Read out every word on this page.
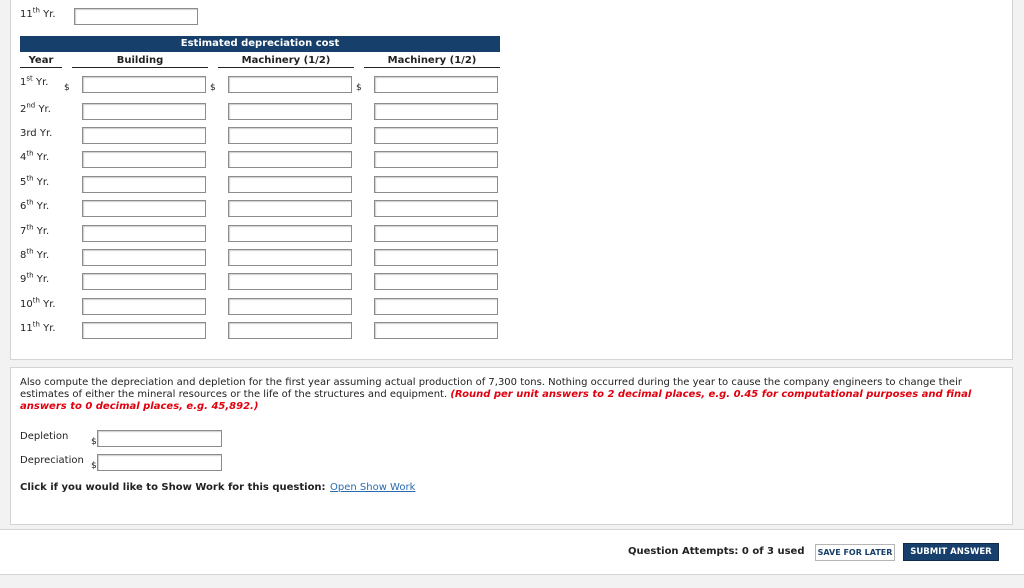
11th Yr.
Estimated depreciation cost
Year	Building	Machinery (1/2)	Machinery (1/2)
1st Yr. $	$	$
2nd Yr.
3rd Yr.
4th Yr.
5th Yr.
6th Yr.
7th Yr.
8th Yr.
9th Yr.
10th Yr.
11th Yr.
Also compute the depreciation and depletion for the first year assuming actual production of 7,300 tons. Nothing occurred during the year to cause the company engineers to change their estimates of either the mineral resources or the life of the structures and equipment. (Round per unit answers to 2 decimal places, e.g. 0.45 for computational purposes and final answers to 0 decimal places, e.g. 45,892.)
Depletion	$
Depreciation $
Click if you would like to Show Work for this question: Open Show Work
Question Attempts: 0 of 3 used	SAVE FOR LATER	SUBMIT ANSWER
